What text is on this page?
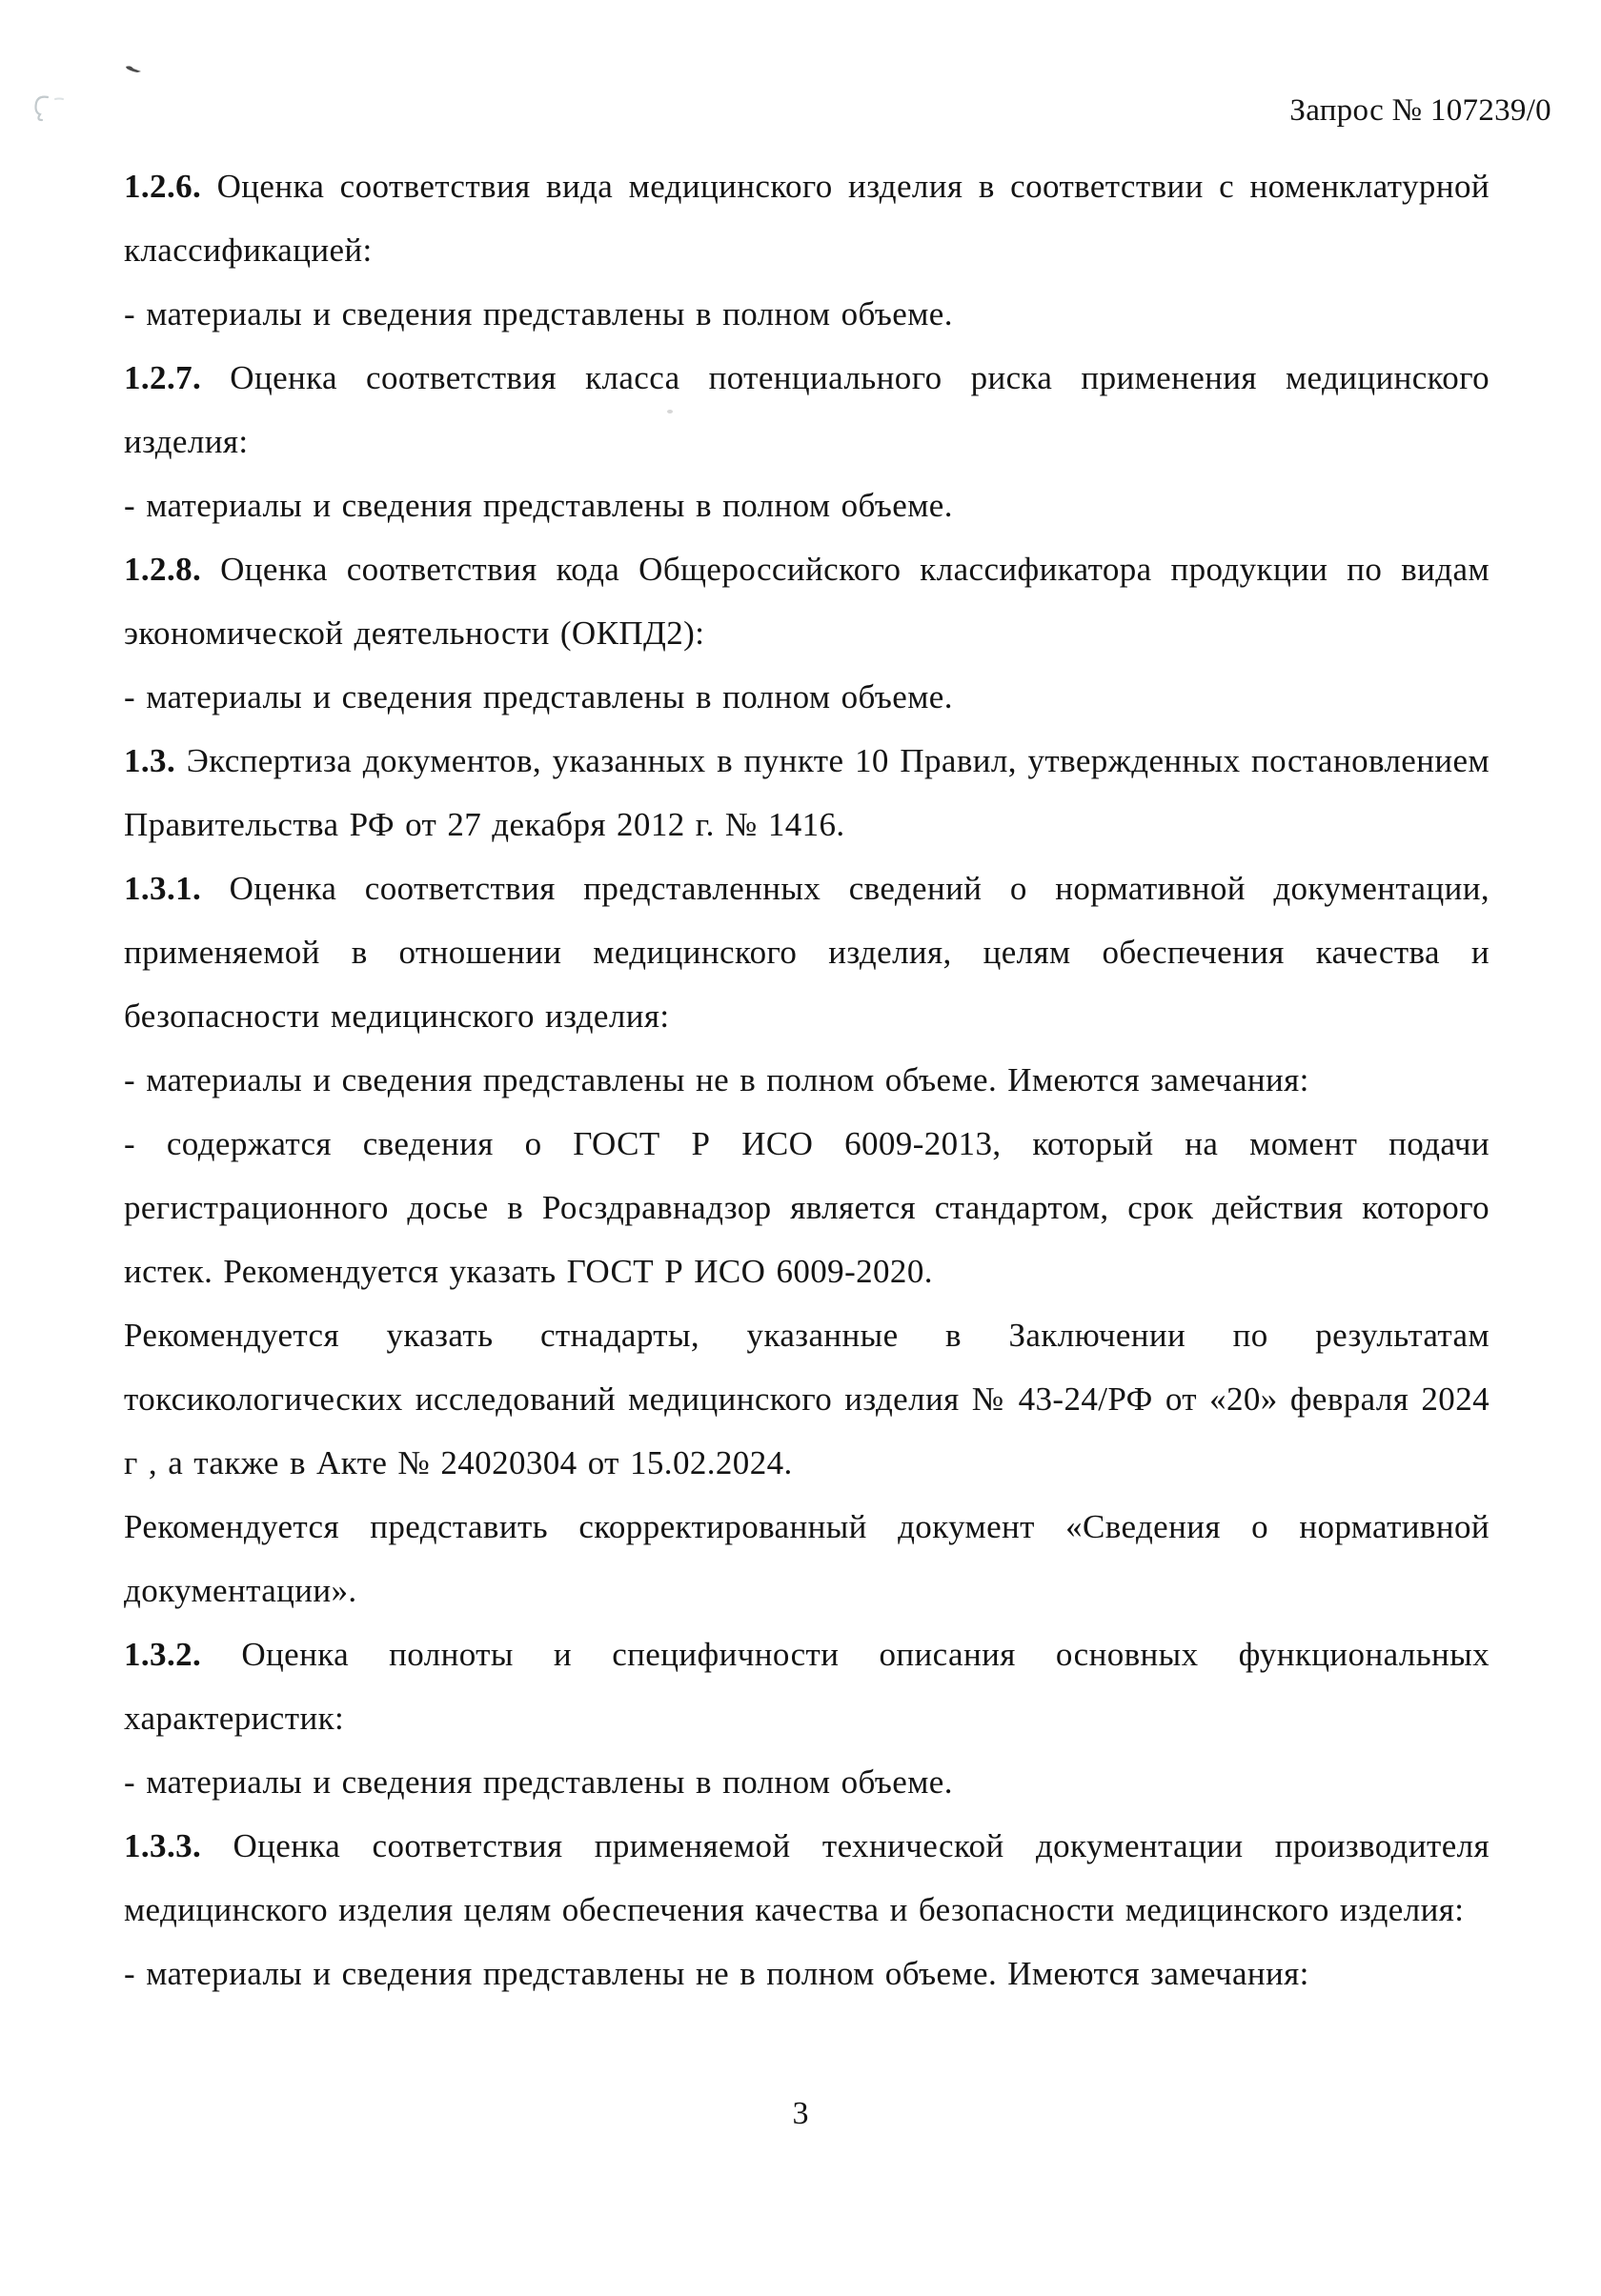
Запрос № 107239/0

1.2.6. Оценка соответствия вида медицинского изделия в соответствии с номенклатурной классификацией:

- материалы и сведения представлены в полном объеме.

1.2.7. Оценка соответствия класса потенциального риска применения медицинского изделия:

- материалы и сведения представлены в полном объеме.

1.2.8. Оценка соответствия кода Общероссийского классификатора продукции по видам экономической деятельности (ОКПД2):

- материалы и сведения представлены в полном объеме.

1.3. Экспертиза документов, указанных в пункте 10 Правил, утвержденных постановлением Правительства РФ от 27 декабря 2012 г. № 1416.

1.3.1. Оценка соответствия представленных сведений о нормативной документации, применяемой в отношении медицинского изделия, целям обеспечения качества и безопасности медицинского изделия:

- материалы и сведения представлены не в полном объеме. Имеются замечания:

- содержатся сведения о ГОСТ Р ИСО 6009-2013, который на момент подачи регистрационного досье в Росздравнадзор является стандартом, срок действия которого истек. Рекомендуется указать ГОСТ Р ИСО 6009-2020.

Рекомендуется указать стнадарты, указанные в Заключении по результатам токсикологических исследований медицинского изделия № 43-24/РФ от «20» февраля 2024 г , а также в Акте № 24020304 от 15.02.2024.

Рекомендуется представить скорректированный документ «Сведения о нормативной документации».

1.3.2. Оценка полноты и специфичности описания основных функциональных характеристик:

- материалы и сведения представлены в полном объеме.

1.3.3. Оценка соответствия применяемой технической документации производителя медицинского изделия целям обеспечения качества и безопасности медицинского изделия:

- материалы и сведения представлены не в полном объеме. Имеются замечания:

3
